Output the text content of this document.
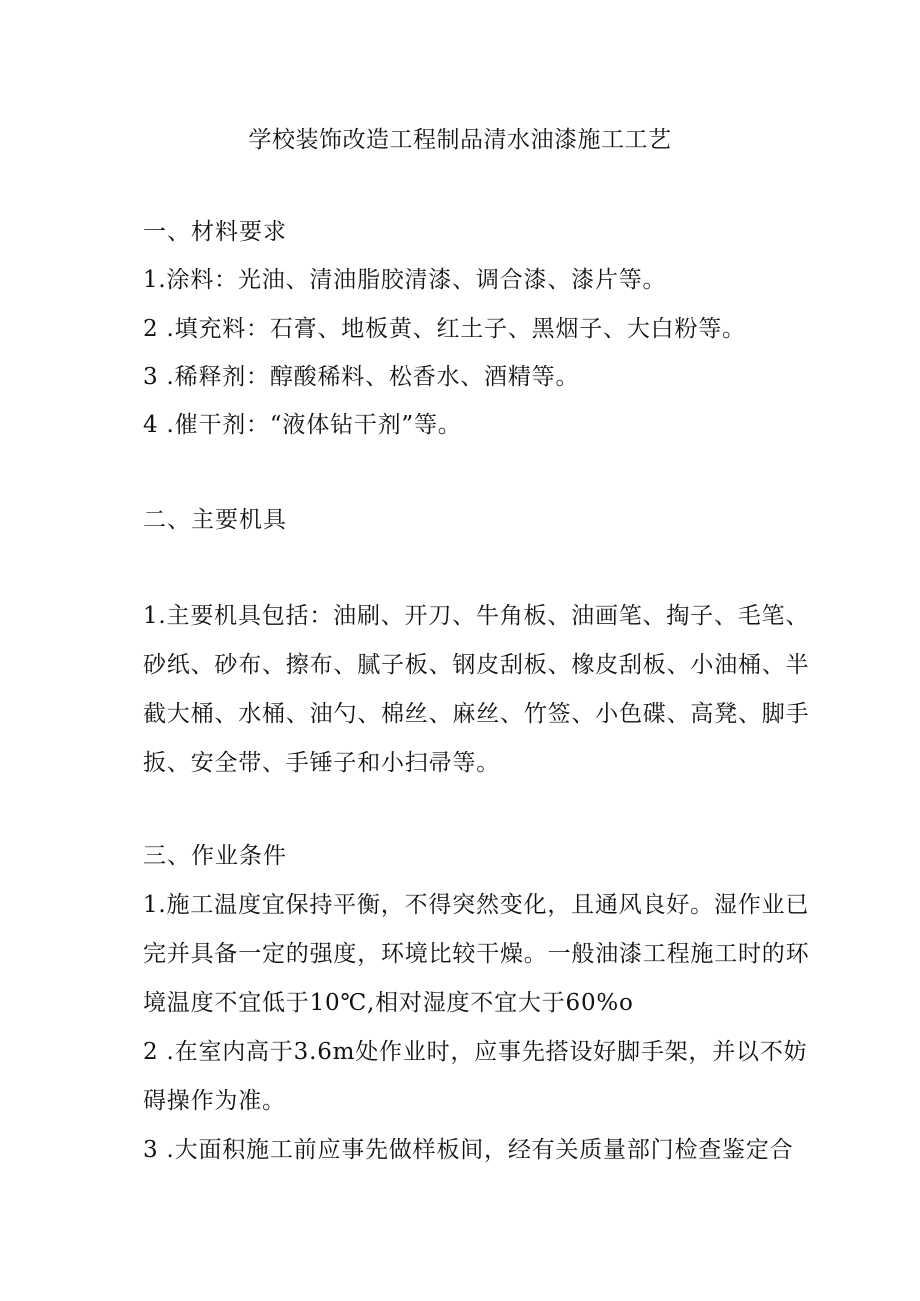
学校装饰改造工程制品清水油漆施工工艺
一、材料要求
1.涂料：光油、清油脂胶清漆、调合漆、漆片等。
2 .填充料：石膏、地板黄、红土子、黑烟子、大白粉等。
3 .稀释剂：醇酸稀料、松香水、酒精等。
4 .催干剂：“液体钻干剂”等。
二、主要机具
1.主要机具包括：油刷、开刀、牛角板、油画笔、掏子、毛笔、
砂纸、砂布、擦布、腻子板、钢皮刮板、橡皮刮板、小油桶、半
截大桶、水桶、油勺、棉丝、麻丝、竹签、小色碟、高凳、脚手
扳、安全带、手锤子和小扫帚等。
三、作业条件
1.施工温度宜保持平衡，不得突然变化，且通风良好。湿作业已
完并具备一定的强度，环境比较干燥。一般油漆工程施工时的环
境温度不宜低于10℃,相对湿度不宜大于60%o
2 .在室内高于3.6m处作业时，应事先搭设好脚手架，并以不妨
碍操作为准。
3 .大面积施工前应事先做样板间，经有关质量部门检查鉴定合
